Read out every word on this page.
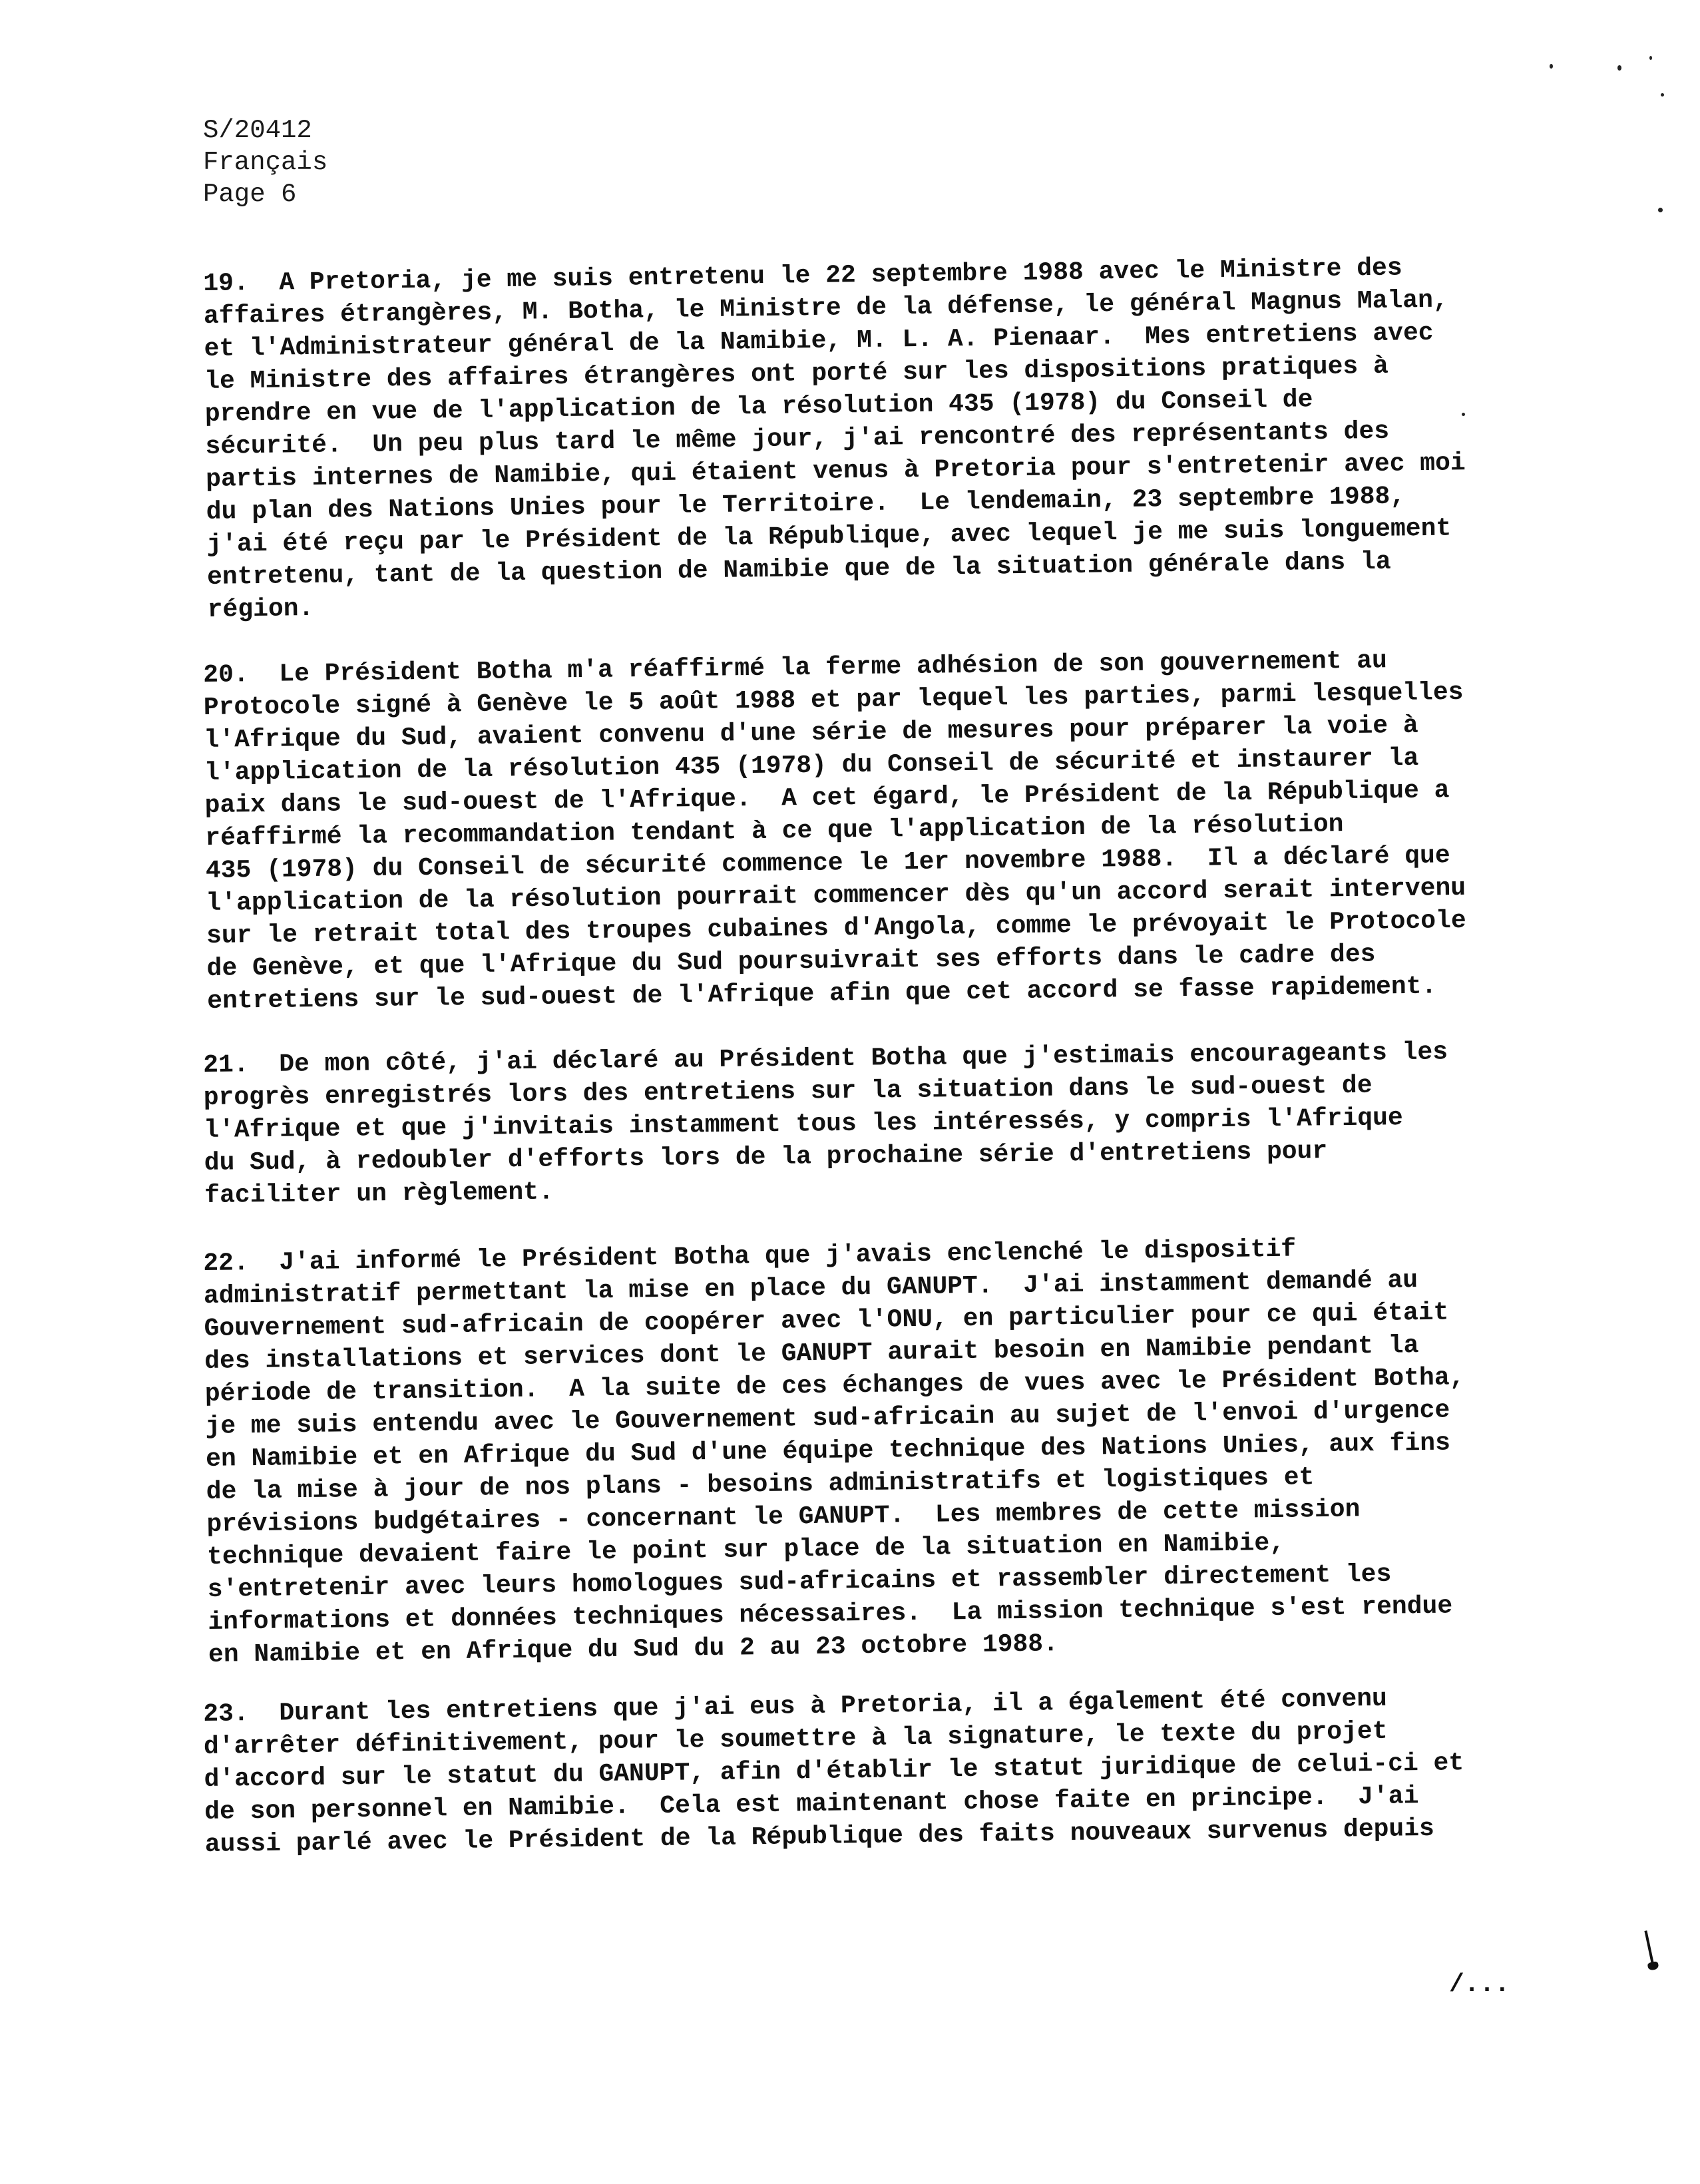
S/20412
Français
Page 6
19.  A Pretoria, je me suis entretenu le 22 septembre 1988 avec le Ministre des
affaires étrangères, M. Botha, le Ministre de la défense, le général Magnus Malan,
et l'Administrateur général de la Namibie, M. L. A. Pienaar.  Mes entretiens avec
le Ministre des affaires étrangères ont porté sur les dispositions pratiques à
prendre en vue de l'application de la résolution 435 (1978) du Conseil de
sécurité.  Un peu plus tard le même jour, j'ai rencontré des représentants des
partis internes de Namibie, qui étaient venus à Pretoria pour s'entretenir avec moi
du plan des Nations Unies pour le Territoire.  Le lendemain, 23 septembre 1988,
j'ai été reçu par le Président de la République, avec lequel je me suis longuement
entretenu, tant de la question de Namibie que de la situation générale dans la
région.
20.  Le Président Botha m'a réaffirmé la ferme adhésion de son gouvernement au
Protocole signé à Genève le 5 août 1988 et par lequel les parties, parmi lesquelles
l'Afrique du Sud, avaient convenu d'une série de mesures pour préparer la voie à
l'application de la résolution 435 (1978) du Conseil de sécurité et instaurer la
paix dans le sud-ouest de l'Afrique.  A cet égard, le Président de la République a
réaffirmé la recommandation tendant à ce que l'application de la résolution
435 (1978) du Conseil de sécurité commence le 1er novembre 1988.  Il a déclaré que
l'application de la résolution pourrait commencer dès qu'un accord serait intervenu
sur le retrait total des troupes cubaines d'Angola, comme le prévoyait le Protocole
de Genève, et que l'Afrique du Sud poursuivrait ses efforts dans le cadre des
entretiens sur le sud-ouest de l'Afrique afin que cet accord se fasse rapidement.
21.  De mon côté, j'ai déclaré au Président Botha que j'estimais encourageants les
progrès enregistrés lors des entretiens sur la situation dans le sud-ouest de
l'Afrique et que j'invitais instamment tous les intéressés, y compris l'Afrique
du Sud, à redoubler d'efforts lors de la prochaine série d'entretiens pour
faciliter un règlement.
22.  J'ai informé le Président Botha que j'avais enclenché le dispositif
administratif permettant la mise en place du GANUPT.  J'ai instamment demandé au
Gouvernement sud-africain de coopérer avec l'ONU, en particulier pour ce qui était
des installations et services dont le GANUPT aurait besoin en Namibie pendant la
période de transition.  A la suite de ces échanges de vues avec le Président Botha,
je me suis entendu avec le Gouvernement sud-africain au sujet de l'envoi d'urgence
en Namibie et en Afrique du Sud d'une équipe technique des Nations Unies, aux fins
de la mise à jour de nos plans - besoins administratifs et logistiques et
prévisions budgétaires - concernant le GANUPT.  Les membres de cette mission
technique devaient faire le point sur place de la situation en Namibie,
s'entretenir avec leurs homologues sud-africains et rassembler directement les
informations et données techniques nécessaires.  La mission technique s'est rendue
en Namibie et en Afrique du Sud du 2 au 23 octobre 1988.
23.  Durant les entretiens que j'ai eus à Pretoria, il a également été convenu
d'arrêter définitivement, pour le soumettre à la signature, le texte du projet
d'accord sur le statut du GANUPT, afin d'établir le statut juridique de celui-ci et
de son personnel en Namibie.  Cela est maintenant chose faite en principe.  J'ai
aussi parlé avec le Président de la République des faits nouveaux survenus depuis
/...
